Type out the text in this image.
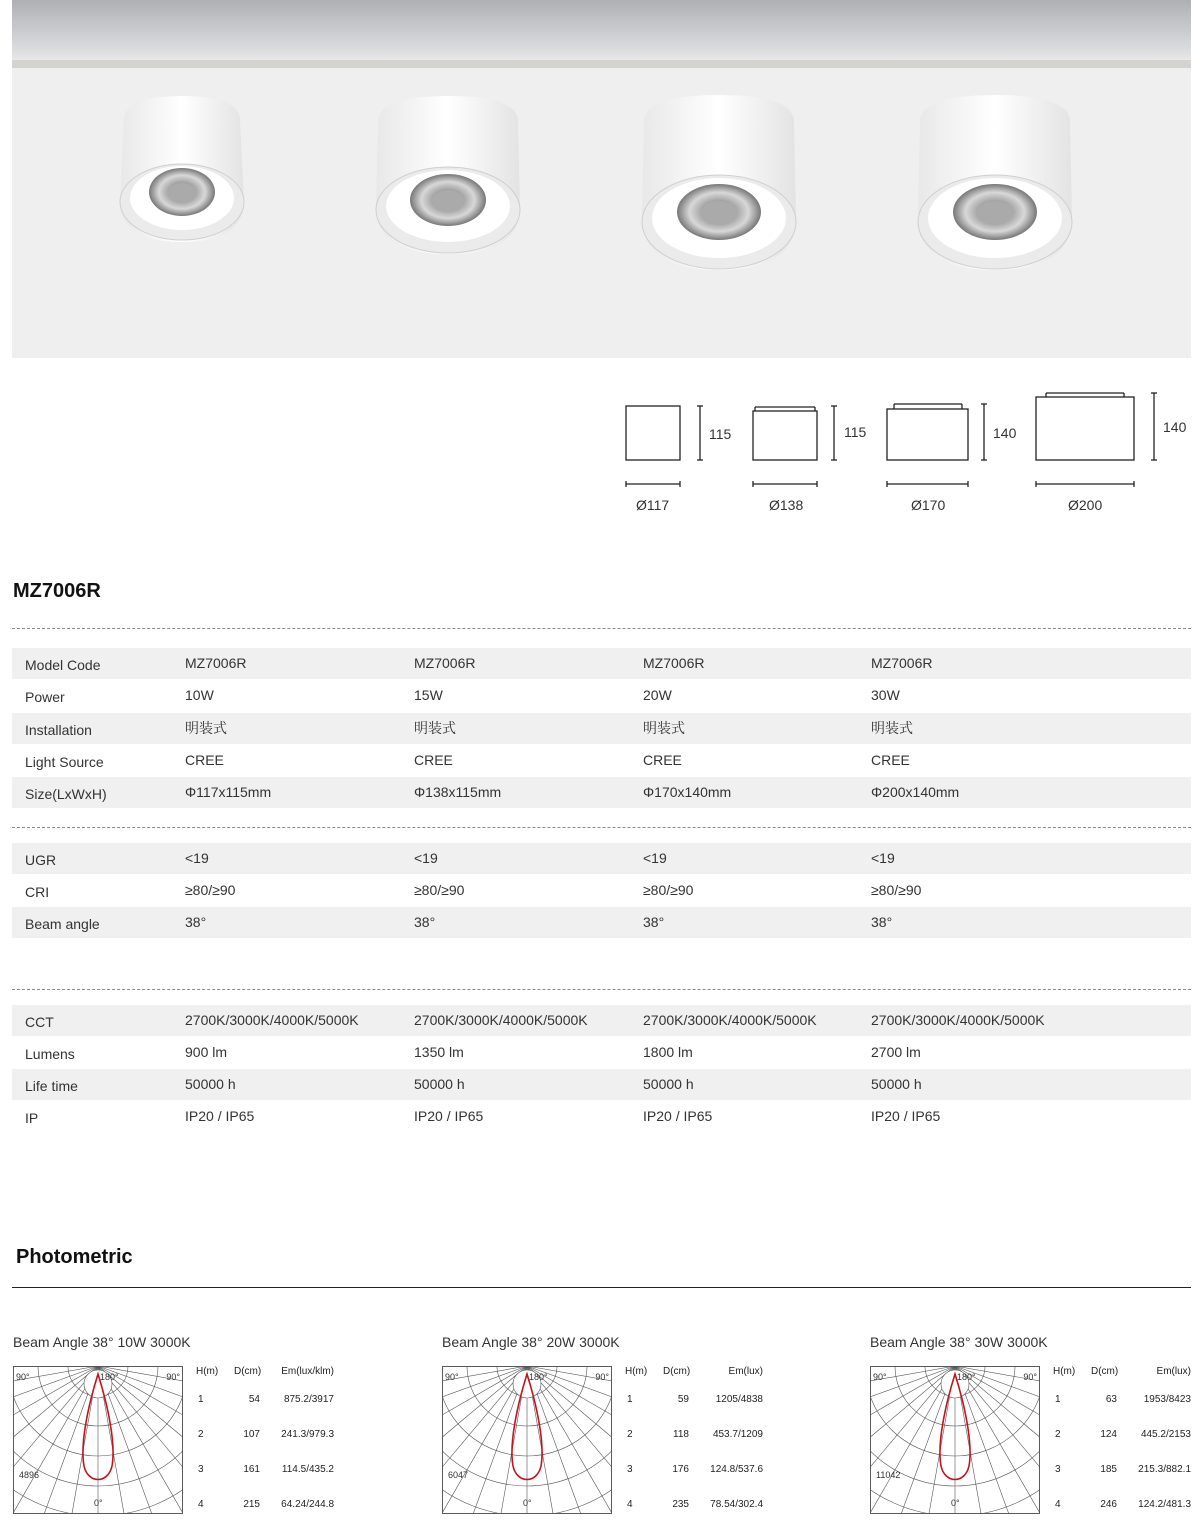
115
Ø117
115
Ø138
140
Ø170
140
Ø200
MZ7006R
Model Code	MZ7006R	MZ7006R	MZ7006R	MZ7006R
Power	10W	15W	20W	30W
Installation	明装式	明装式	明装式	明装式
Light Source	CREE	CREE	CREE	CREE
Size(LxWxH)	Φ117x115mm	Φ138x115mm	Φ170x140mm	Φ200x140mm
UGR	<19	<19	<19	<19
CRI	≥80/≥90	≥80/≥90	≥80/≥90	≥80/≥90
Beam angle	38°	38°	38°	38°
CCT	2700K/3000K/4000K/5000K	2700K/3000K/4000K/5000K	2700K/3000K/4000K/5000K	2700K/3000K/4000K/5000K
Lumens	900 lm	1350 lm	1800 lm	2700 lm
Life time	50000 h	50000 h	50000 h	50000 h
IP	IP20 / IP65	IP20 / IP65	IP20 / IP65	IP20 / IP65
Photometric
Beam Angle 38° 10W 3000K
90°	180°	90°
4896
0°
H(m) D(cm) Em(lux/klm)
1	54 875.2/3917
2	107 241.3/979.3
3	161 114.5/435.2
4	215 64.24/244.8
Beam Angle 38° 20W 3000K
90°	180°	90°
6047
0°
H(m) D(cm)	Em(lux)
1	59	1205/4838
2	118 453.7/1209
3	176 124.8/537.6
4	235 78.54/302.4
Beam Angle 38° 30W 3000K
90°	180°	90°
11042
0°
H(m) D(cm)	Em(lux)
1	63	1953/8423
2	124 445.2/2153
3	185 215.3/882.1
4	246 124.2/481.3
